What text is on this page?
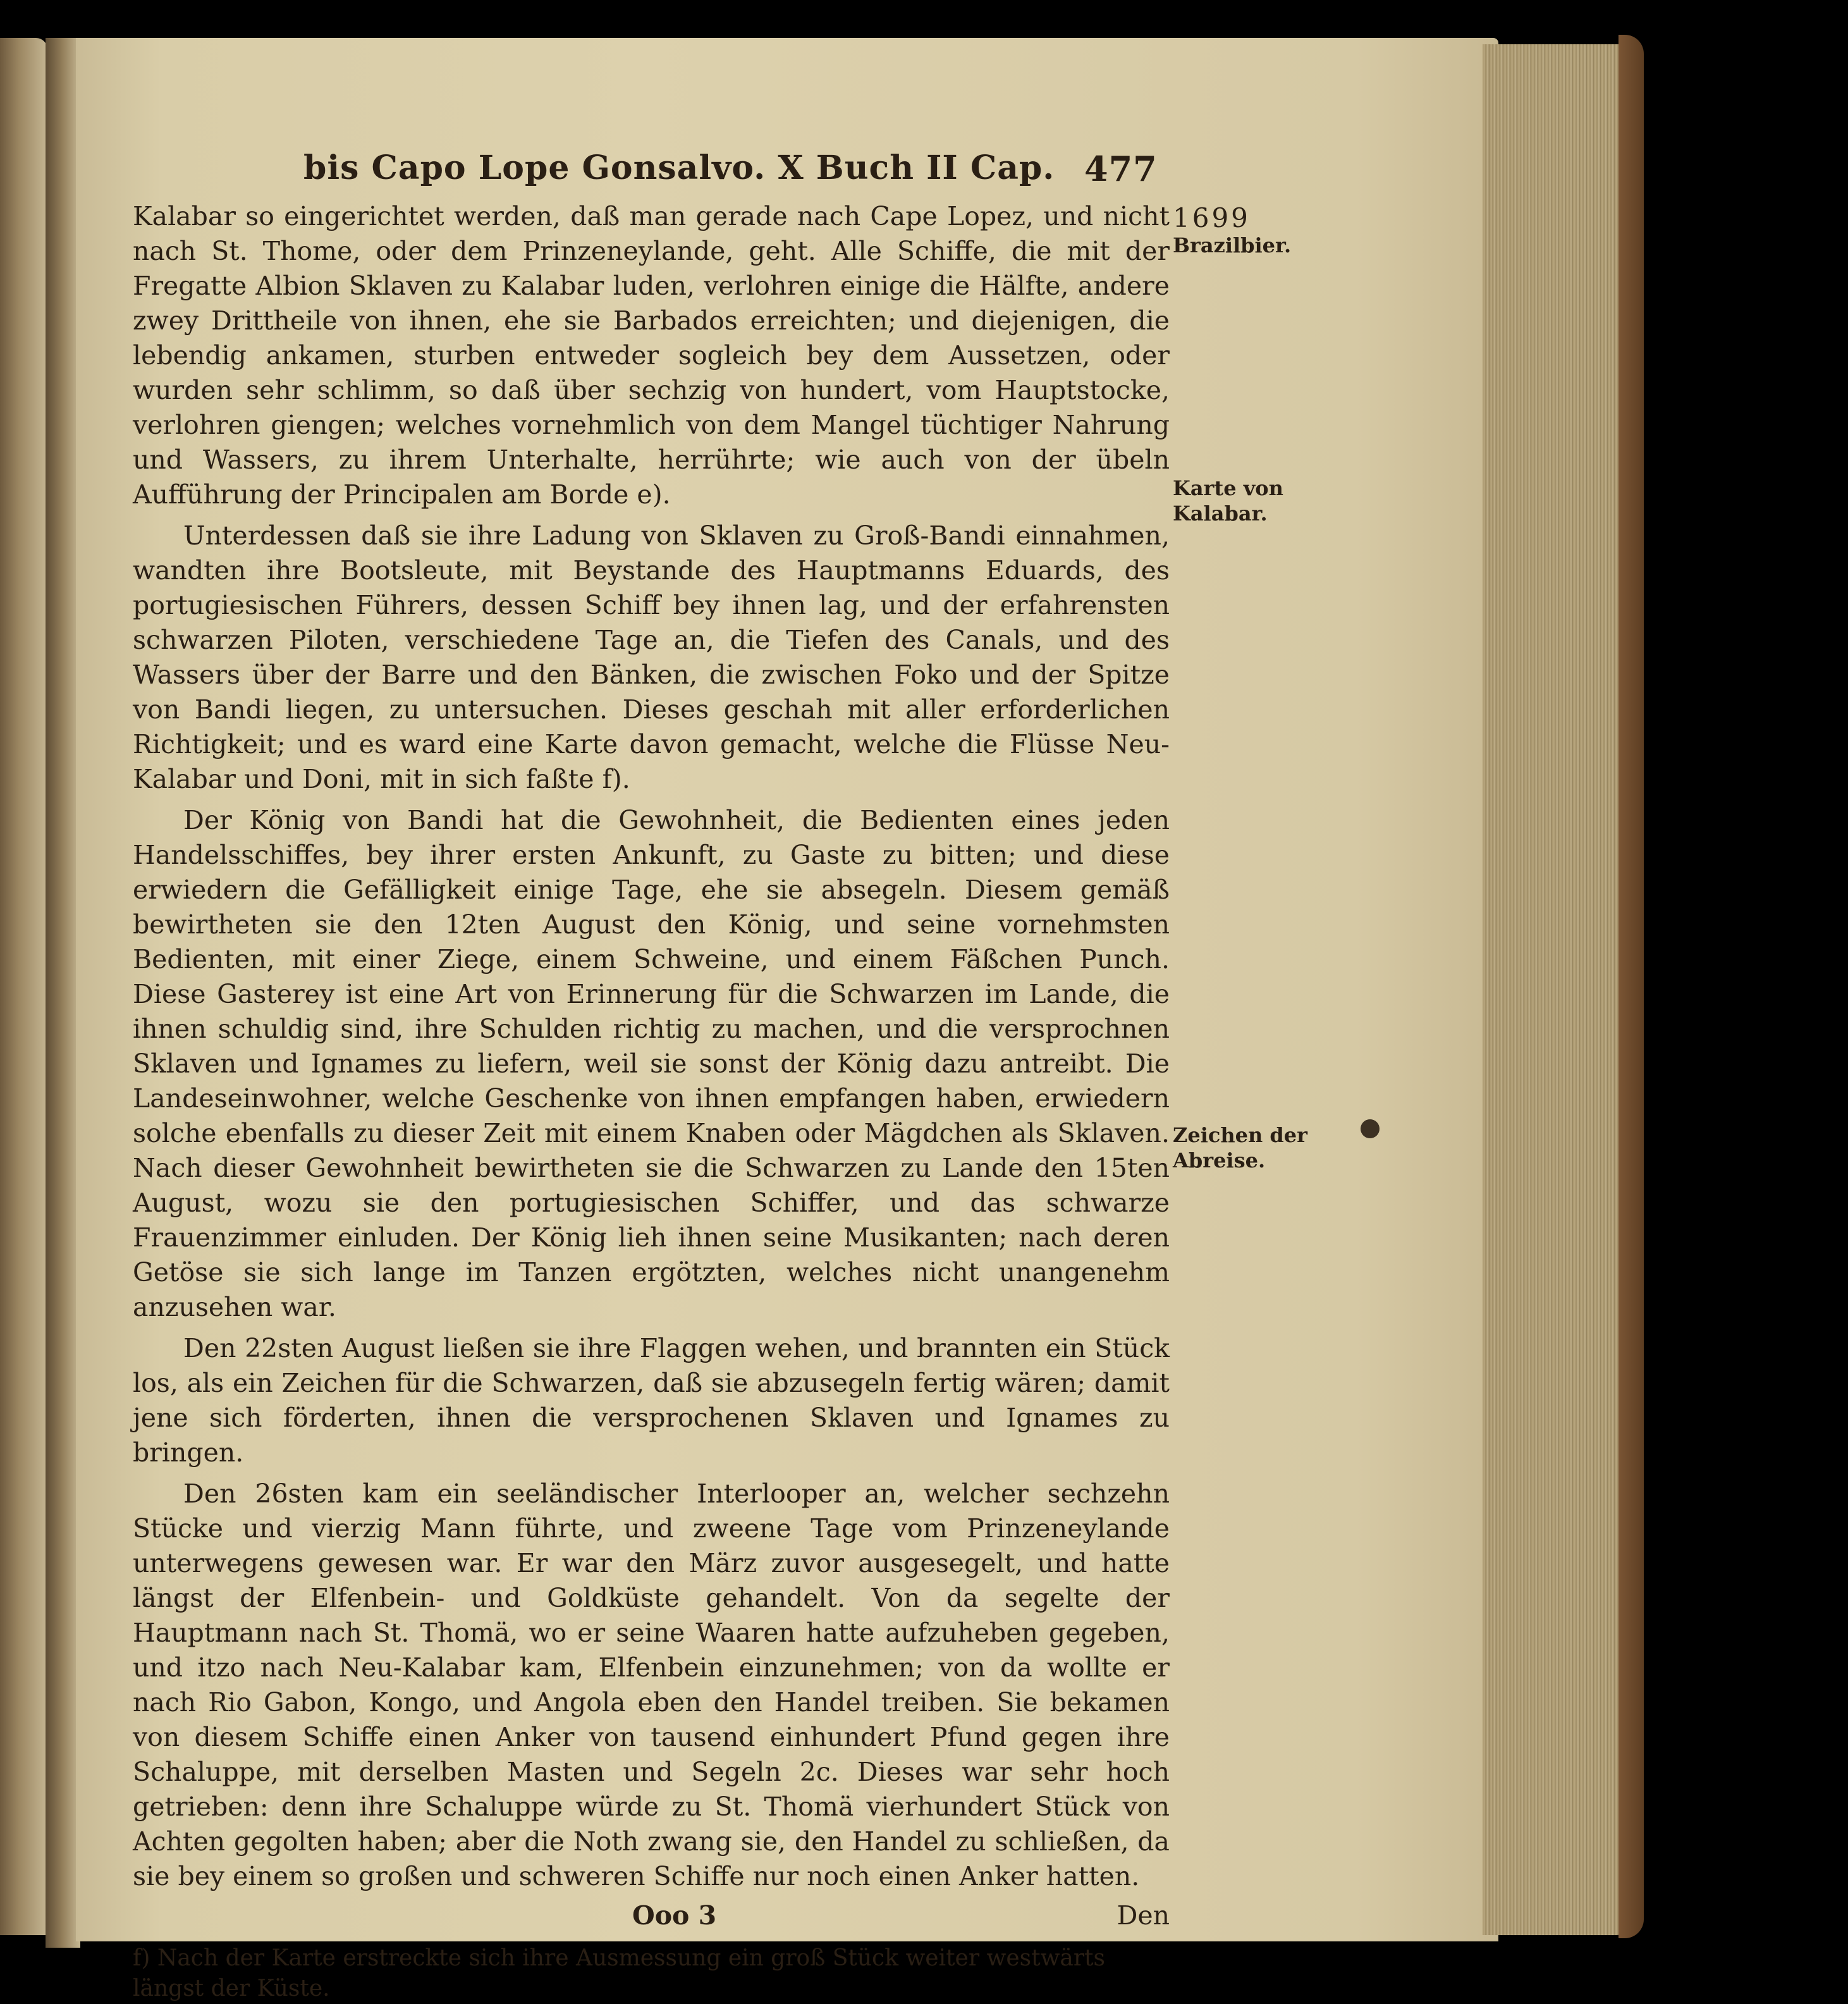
bis Capo Lope Gonsalvo. X Buch II Cap. 477

Kalabar so eingerichtet werden, daß man gerade nach Cape Lopez, und nicht nach St. Thome, oder dem Prinzeneylande, geht. Alle Schiffe, die mit der Fregatte Albion Sklaven zu Kalabar luden, verlohren einige die Hälfte, andere zwey Drittheile von ihnen, ehe sie Barbados erreichten; und diejenigen, die lebendig ankamen, sturben entweder sogleich bey dem Aussetzen, oder wurden sehr schlimm, so daß über sechzig von hundert, vom Hauptstocke, verlohren giengen; welches vornehmlich von dem Mangel tüchtiger Nahrung und Wassers, zu ihrem Unterhalte, herrührte; wie auch von der übeln Aufführung der Principalen am Borde e).

Unterdessen daß sie ihre Ladung von Sklaven zu Groß-Bandi einnahmen, wandten ihre Bootsleute, mit Beystande des Hauptmanns Eduards, des portugiesischen Führers, dessen Schiff bey ihnen lag, und der erfahrensten schwarzen Piloten, verschiedene Tage an, die Tiefen des Canals, und des Wassers über der Barre und den Bänken, die zwischen Foko und der Spitze von Bandi liegen, zu untersuchen. Dieses geschah mit aller erforderlichen Richtigkeit; und es ward eine Karte davon gemacht, welche die Flüsse Neu-Kalabar und Doni, mit in sich faßte f).

Der König von Bandi hat die Gewohnheit, die Bedienten eines jeden Handelsschiffes, bey ihrer ersten Ankunft, zu Gaste zu bitten; und diese erwiedern die Gefälligkeit einige Tage, ehe sie absegeln. Diesem gemäß bewirtheten sie den 12ten August den König, und seine vornehmsten Bedienten, mit einer Ziege, einem Schweine, und einem Fäßchen Punch. Diese Gasterey ist eine Art von Erinnerung für die Schwarzen im Lande, die ihnen schuldig sind, ihre Schulden richtig zu machen, und die versprochnen Sklaven und Ignames zu liefern, weil sie sonst der König dazu antreibt. Die Landeseinwohner, welche Geschenke von ihnen empfangen haben, erwiedern solche ebenfalls zu dieser Zeit mit einem Knaben oder Mägdchen als Sklaven. Nach dieser Gewohnheit bewirtheten sie die Schwarzen zu Lande den 15ten August, wozu sie den portugiesischen Schiffer, und das schwarze Frauenzimmer einluden. Der König lieh ihnen seine Musikanten; nach deren Getöse sie sich lange im Tanzen ergötzten, welches nicht unangenehm anzusehen war.

Den 22sten August ließen sie ihre Flaggen wehen, und brannten ein Stück los, als ein Zeichen für die Schwarzen, daß sie abzusegeln fertig wären; damit jene sich förderten, ihnen die versprochenen Sklaven und Ignames zu bringen.

Den 26sten kam ein seeländischer Interlooper an, welcher sechzehn Stücke und vierzig Mann führte, und zweene Tage vom Prinzeneylande unterwegens gewesen war. Er war den März zuvor ausgesegelt, und hatte längst der Elfenbein- und Goldküste gehandelt. Von da segelte der Hauptmann nach St. Thomä, wo er seine Waaren hatte aufzuheben gegeben, und itzo nach Neu-Kalabar kam, Elfenbein einzunehmen; von da wollte er nach Rio Gabon, Kongo, und Angola eben den Handel treiben. Sie bekamen von diesem Schiffe einen Anker von tausend einhundert Pfund gegen ihre Schaluppe, mit derselben Masten und Segeln 2c. Dieses war sehr hoch getrieben: denn ihre Schaluppe würde zu St. Thomä vierhundert Stück von Achten gegolten haben; aber die Noth zwang sie, den Handel zu schließen, da sie bey einem so großen und schweren Schiffe nur noch einen Anker hatten.

Ooo 3	Den
f) Nach der Karte erstreckte sich ihre Ausmessung ein groß Stück weiter westwärts längst der Küste.
1699
Brazilbier.
Karte von
Kalabar.
Zeichen der
Abreise.
